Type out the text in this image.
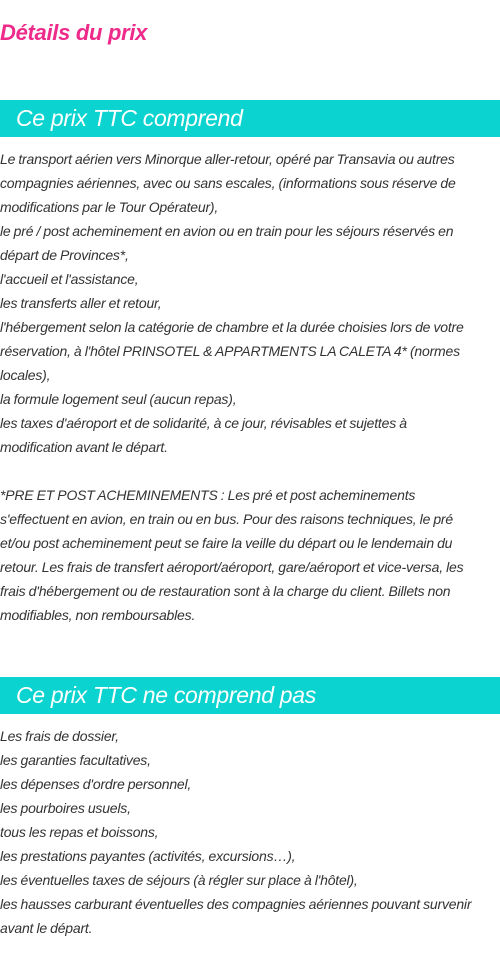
Détails du prix
Ce prix TTC comprend
Le transport aérien vers Minorque aller-retour, opéré par Transavia ou autres
compagnies aériennes, avec ou sans escales, (informations sous réserve de
modifications par le Tour Opérateur),
le pré / post acheminement en avion ou en train pour les séjours réservés en
départ de Provinces*,
l'accueil et l'assistance,
les transferts aller et retour,
l'hébergement selon la catégorie de chambre et la durée choisies lors de votre
réservation, à l'hôtel PRINSOTEL & APPARTMENTS LA CALETA 4* (normes
locales),
la formule logement seul (aucun repas),
les taxes d'aéroport et de solidarité, à ce jour, révisables et sujettes à
modification avant le départ.
*PRE ET POST ACHEMINEMENTS : Les pré et post acheminements
s'effectuent en avion, en train ou en bus. Pour des raisons techniques, le pré
et/ou post acheminement peut se faire la veille du départ ou le lendemain du
retour. Les frais de transfert aéroport/aéroport, gare/aéroport et vice-versa, les
frais d'hébergement ou de restauration sont à la charge du client. Billets non
modifiables, non remboursables.
Ce prix TTC ne comprend pas
Les frais de dossier,
les garanties facultatives,
les dépenses d'ordre personnel,
les pourboires usuels,
tous les repas et boissons,
les prestations payantes (activités, excursions…),
les éventuelles taxes de séjours (à régler sur place à l'hôtel),
les hausses carburant éventuelles des compagnies aériennes pouvant survenir
avant le départ.
